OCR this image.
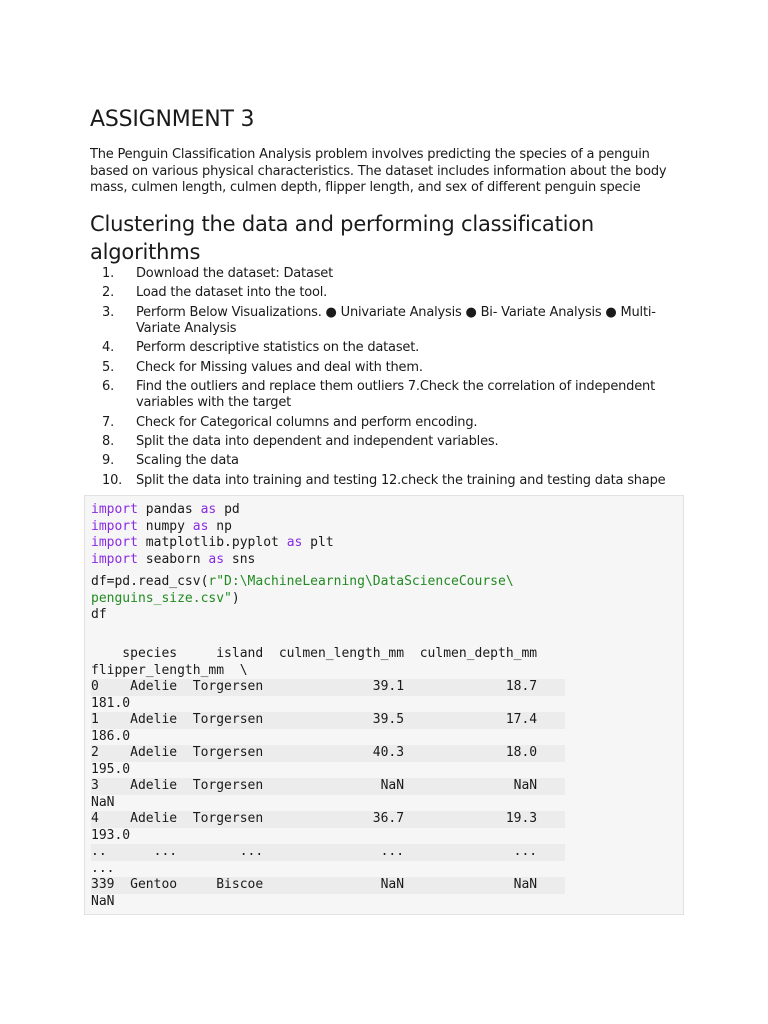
ASSIGNMENT 3

The Penguin Classification Analysis problem involves predicting the species of a penguin based on various physical characteristics. The dataset includes information about the body mass, culmen length, culmen depth, flipper length, and sex of different penguin specie

Clustering the data and performing classification algorithms
1.	Download the dataset: Dataset
2.	Load the dataset into the tool.
3.	Perform Below Visualizations. ● Univariate Analysis ● Bi- Variate Analysis ● Multi-Variate Analysis
4.	Perform descriptive statistics on the dataset.
5.	Check for Missing values and deal with them.
6.	Find the outliers and replace them outliers 7.Check the correlation of independent variables with the target
7.	Check for Categorical columns and perform encoding.
8.	Split the data into dependent and independent variables.
9.	Scaling the data
10.	Split the data into training and testing 12.check the training and testing data shape
import pandas as pd
import numpy as np
import matplotlib.pyplot as plt
import seaborn as sns

df=pd.read_csv(r"D:\MachineLearning\DataScienceCourse\
penguins_size.csv")
df
species     island  culmen_length_mm  culmen_depth_mm
flipper_length_mm  \
0    Adelie  Torgersen              39.1             18.7
181.0
1    Adelie  Torgersen              39.5             17.4
186.0
2    Adelie  Torgersen              40.3             18.0
195.0
3    Adelie  Torgersen               NaN              NaN
NaN
4    Adelie  Torgersen              36.7             19.3
193.0
..      ...        ...               ...              ...
...
339  Gentoo     Biscoe               NaN              NaN
NaN
